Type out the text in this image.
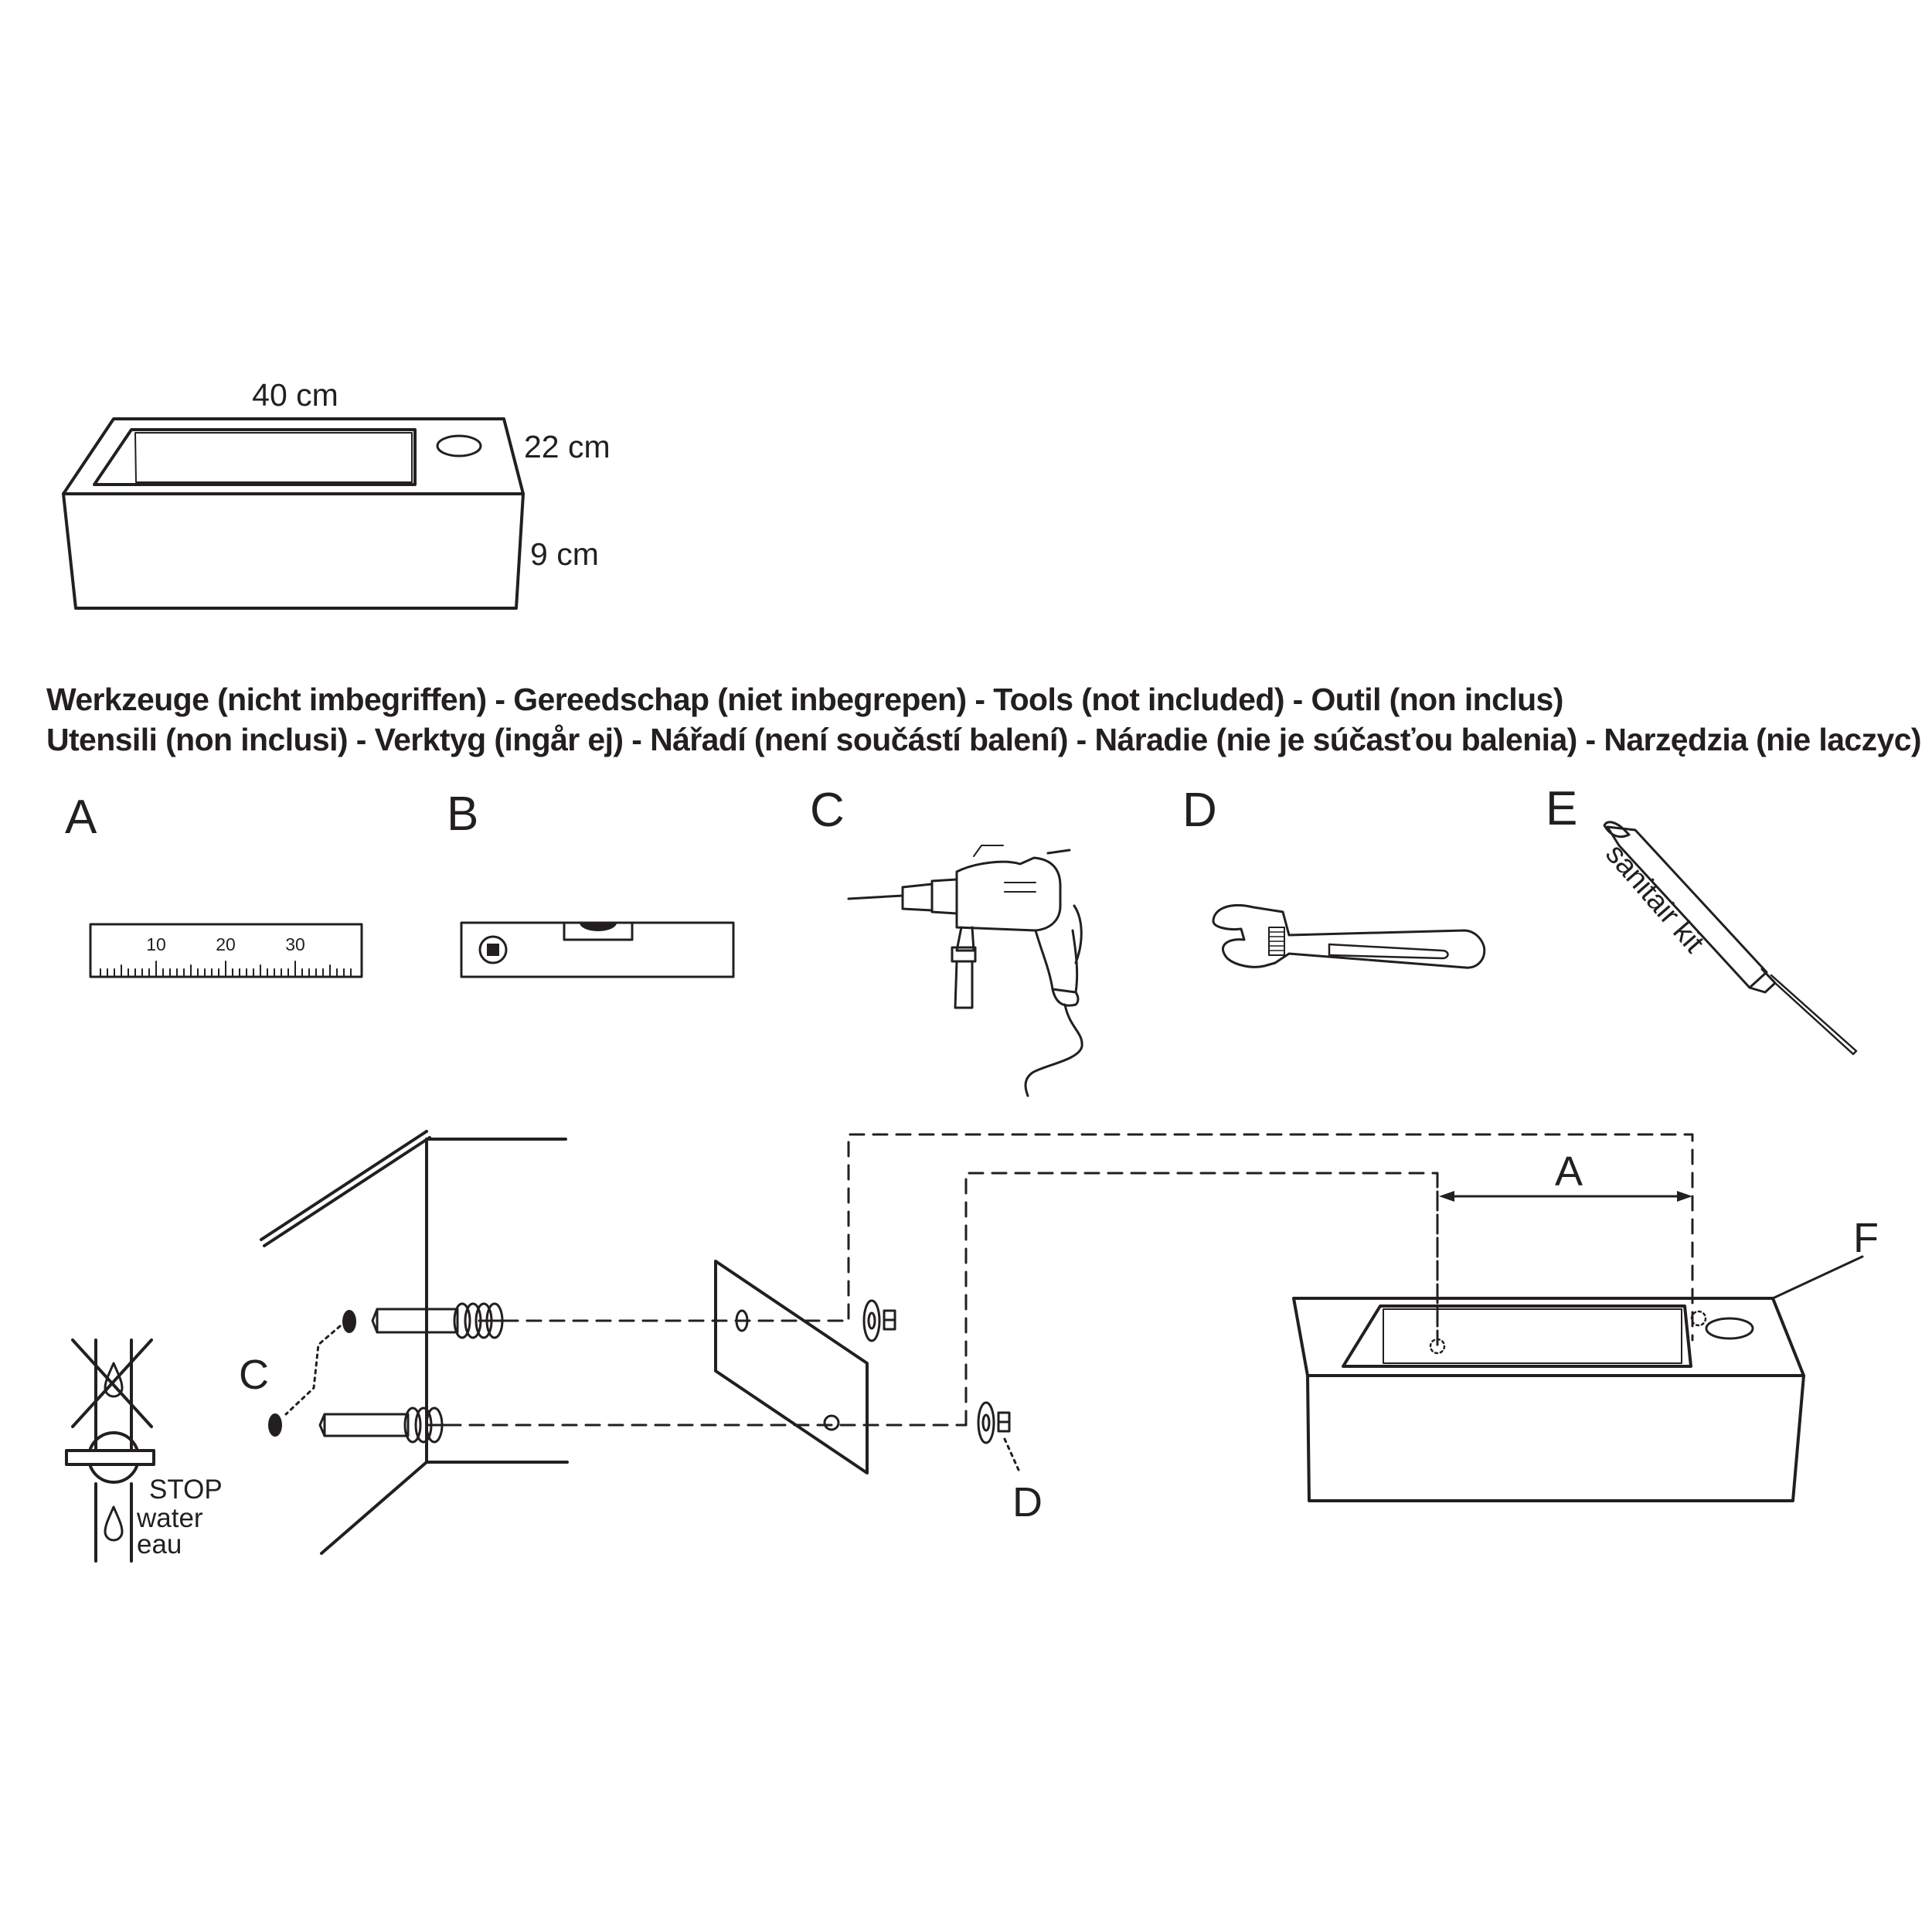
40 cm
22 cm
9 cm
A
10	20	30
B	C	D	E
sanitair kit
STOP
water
eau
C
D
F
A
Werkzeuge (nicht imbegriffen) - Gereedschap (niet inbegrepen) - Tools (not included) - Outil (non inclus)
Utensili (non inclusi) - Verktyg (ingår ej) - Nářadí (není součástí balení) - Náradie (nie je súčasťou balenia) - Narzędzia (nie laczyc)
